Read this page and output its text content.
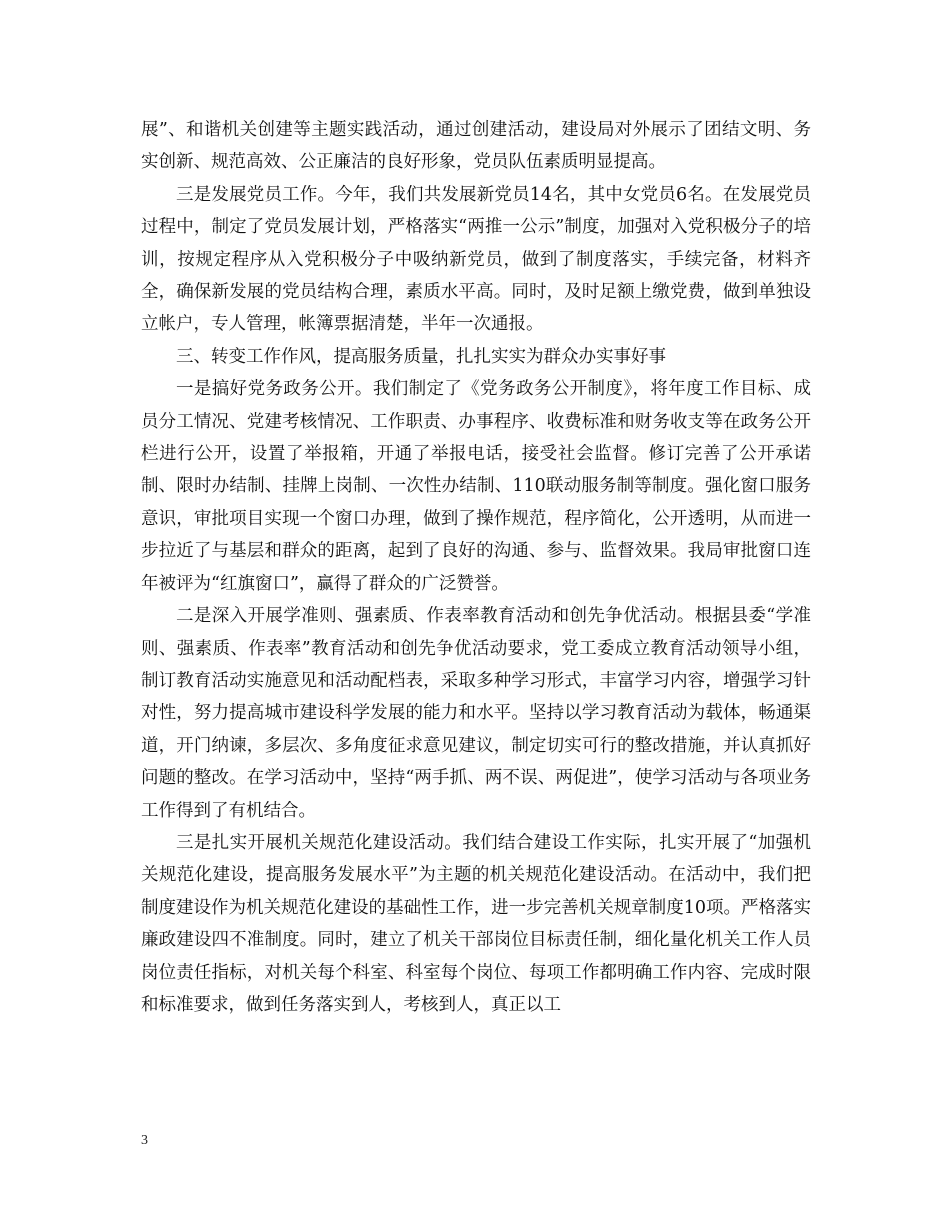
展”、和谐机关创建等主题实践活动，通过创建活动，建设局对外展示了团结文明、务实创新、规范高效、公正廉洁的良好形象，党员队伍素质明显提高。

三是发展党员工作。今年，我们共发展新党员14名，其中女党员6名。在发展党员过程中，制定了党员发展计划，严格落实“两推一公示”制度，加强对入党积极分子的培训，按规定程序从入党积极分子中吸纳新党员，做到了制度落实，手续完备，材料齐全，确保新发展的党员结构合理，素质水平高。同时，及时足额上缴党费，做到单独设立帐户，专人管理，帐簿票据清楚，半年一次通报。

三、转变工作作风，提高服务质量，扎扎实实为群众办实事好事

一是搞好党务政务公开。我们制定了《党务政务公开制度》，将年度工作目标、成员分工情况、党建考核情况、工作职责、办事程序、收费标准和财务收支等在政务公开栏进行公开，设置了举报箱，开通了举报电话，接受社会监督。修订完善了公开承诺制、限时办结制、挂牌上岗制、一次性办结制、110联动服务制等制度。强化窗口服务意识，审批项目实现一个窗口办理，做到了操作规范，程序简化，公开透明，从而进一步拉近了与基层和群众的距离，起到了良好的沟通、参与、监督效果。我局审批窗口连年被评为“红旗窗口”，赢得了群众的广泛赞誉。

二是深入开展学准则、强素质、作表率教育活动和创先争优活动。根据县委“学准则、强素质、作表率”教育活动和创先争优活动要求，党工委成立教育活动领导小组，制订教育活动实施意见和活动配档表，采取多种学习形式，丰富学习内容，增强学习针对性，努力提高城市建设科学发展的能力和水平。坚持以学习教育活动为载体，畅通渠道，开门纳谏，多层次、多角度征求意见建议，制定切实可行的整改措施，并认真抓好问题的整改。在学习活动中，坚持“两手抓、两不误、两促进”，使学习活动与各项业务工作得到了有机结合。

三是扎实开展机关规范化建设活动。我们结合建设工作实际，扎实开展了“加强机关规范化建设，提高服务发展水平”为主题的机关规范化建设活动。在活动中，我们把制度建设作为机关规范化建设的基础性工作，进一步完善机关规章制度10项。严格落实廉政建设四不准制度。同时，建立了机关干部岗位目标责任制，细化量化机关工作人员岗位责任指标，对机关每个科室、科室每个岗位、每项工作都明确工作内容、完成时限和标准要求，做到任务落实到人，考核到人，真正以工

3
